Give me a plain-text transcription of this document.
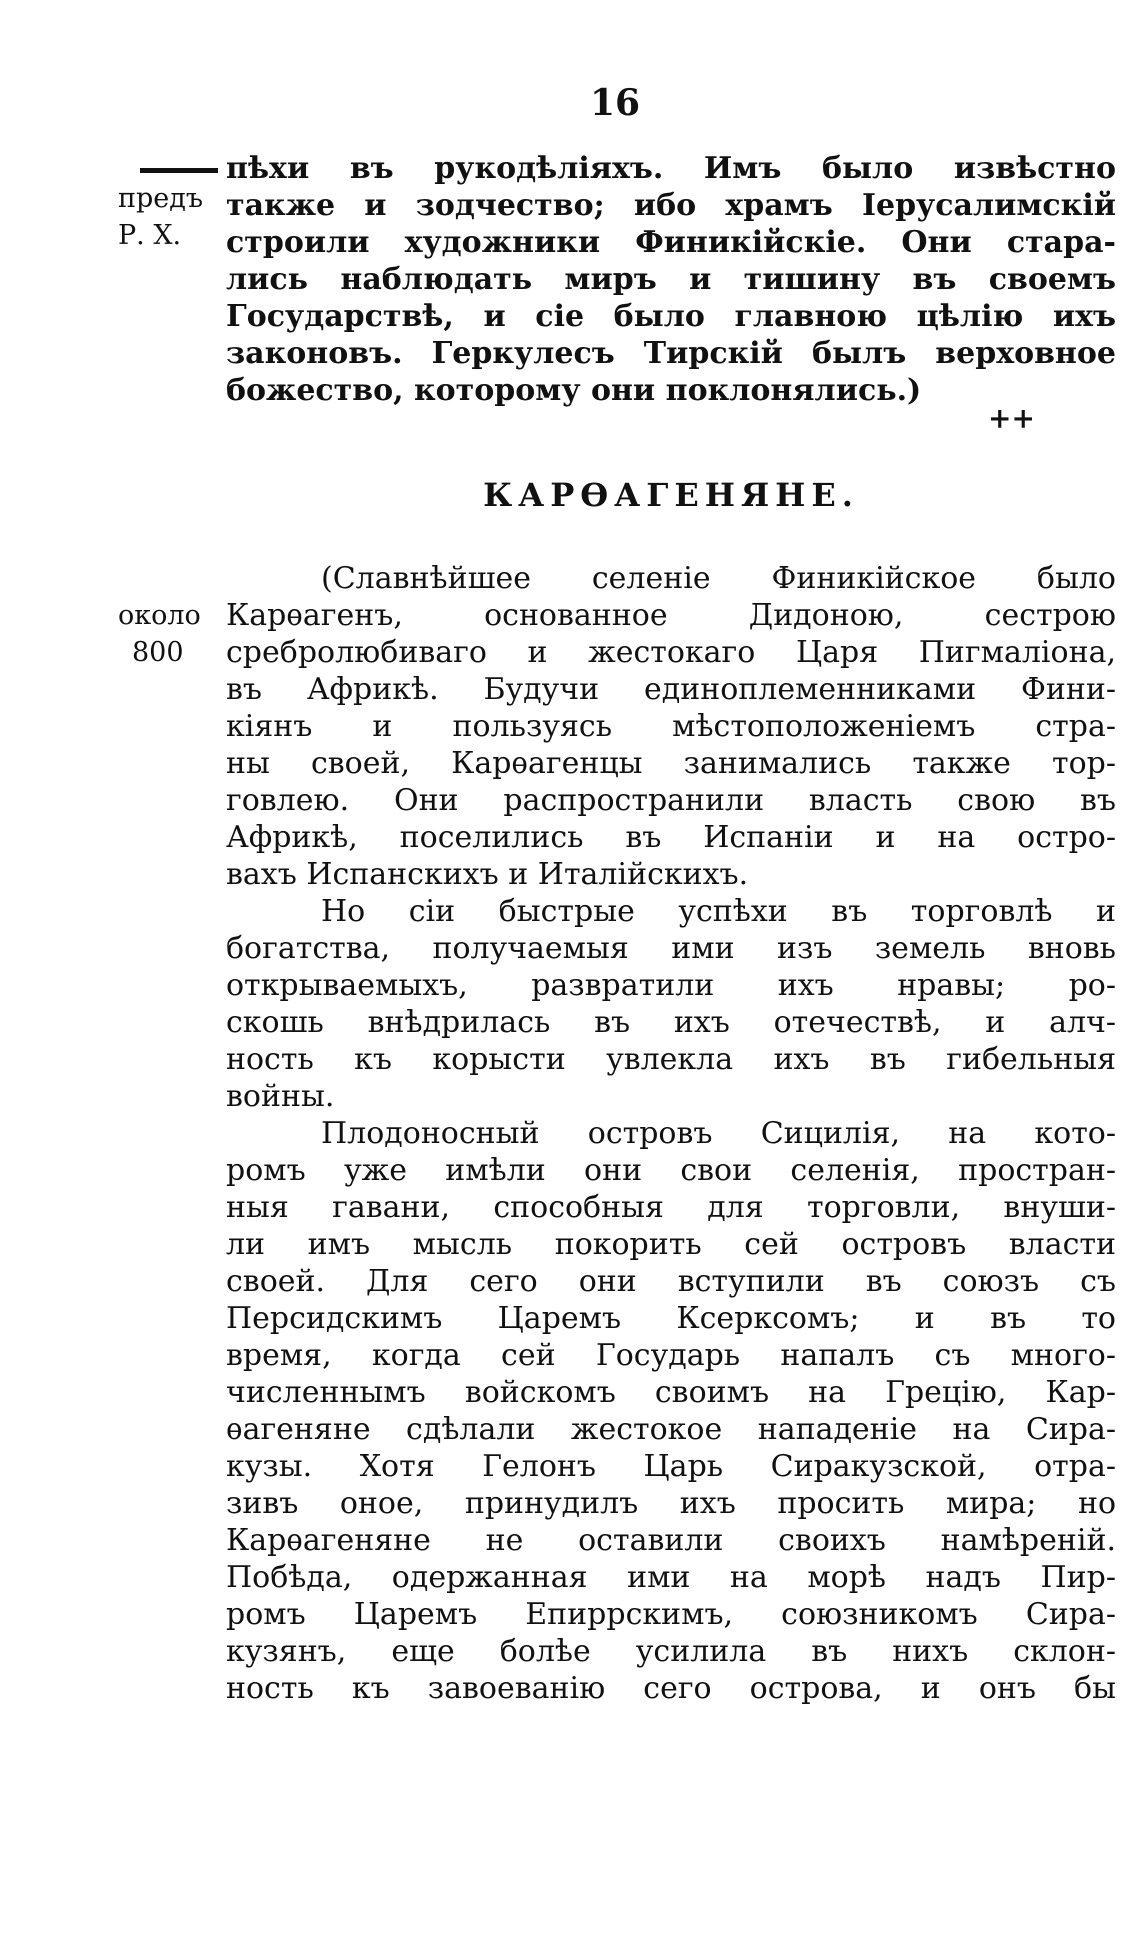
16
предъ
Р. Х.
пѣхи въ рукодѣліяхъ. Имъ было извѣстно
также и зодчество; ибо храмъ Іерусалимскій
строили художники Финикійскіе. Они стара-
лись наблюдать миръ и тишину въ своемъ
Государствѣ, и сіе было главною цѣлію ихъ
законовъ. Геркулесъ Тирскій былъ верховное
божество, которому они поклонялись.)
++
КАРѲАГЕНЯНЕ.
около
800
(Славнѣйшее селеніе Финикійское было
Карѳагенъ, основанное Дидоною, сестрою
сребролюбиваго и жестокаго Царя Пигмаліона,
въ Африкѣ. Будучи единоплеменниками Фини-
кіянъ и пользуясь мѣстоположеніемъ стра-
ны своей, Карѳагенцы занимались также тор-
говлею. Они распространили власть свою въ
Африкѣ, поселились въ Испаніи и на остро-
вахъ Испанскихъ и Италійскихъ.
Но сіи быстрые успѣхи въ торговлѣ и
богатства, получаемыя ими изъ земель вновь
открываемыхъ, развратили ихъ нравы; ро-
скошь внѣдрилась въ ихъ отечествѣ, и алч-
ность къ корысти увлекла ихъ въ гибельныя
войны.
Плодоносный островъ Сицилія, на кото-
ромъ уже имѣли они свои селенія, простран-
ныя гавани, способныя для торговли, внуши-
ли имъ мысль покорить сей островъ власти
своей. Для сего они вступили въ союзъ съ
Персидскимъ Царемъ Ксерксомъ; и въ то
время, когда сей Государь напалъ съ много-
численнымъ войскомъ своимъ на Грецію, Кар-
ѳагеняне сдѣлали жестокое нападеніе на Сира-
кузы. Хотя Гелонъ Царь Сиракузской, отра-
зивъ оное, принудилъ ихъ просить мира; но
Карѳагеняне не оставили своихъ намѣреній.
Побѣда, одержанная ими на морѣ надъ Пир-
ромъ Царемъ Епиррскимъ, союзникомъ Сира-
кузянъ, еще болѣе усилила въ нихъ склон-
ность къ завоеванію сего острова, и онъ бы
